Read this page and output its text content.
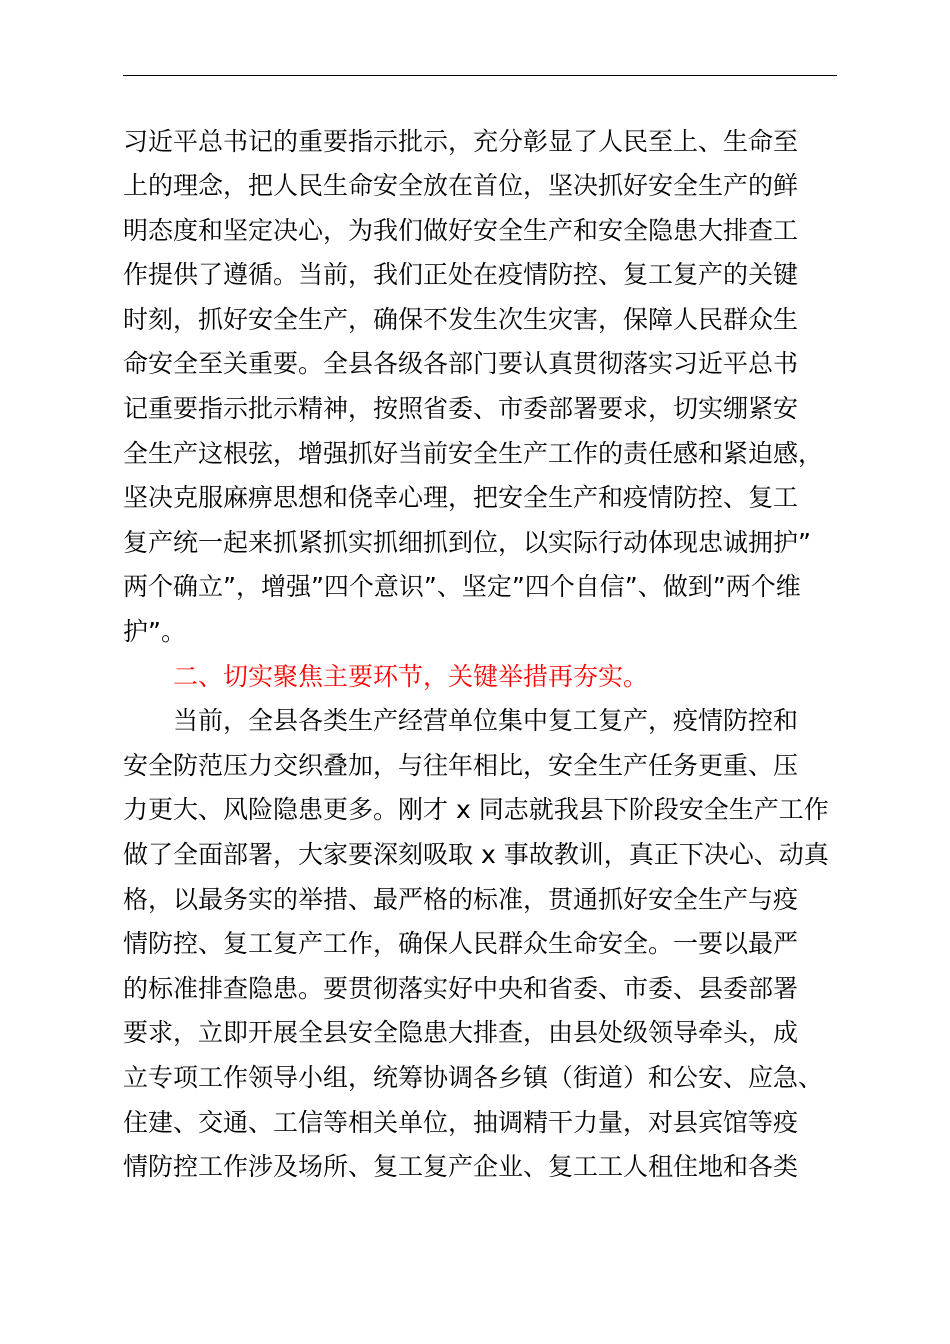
习近平总书记的重要指示批示，充分彰显了人民至上、生命至
上的理念，把人民生命安全放在首位，坚决抓好安全生产的鲜
明态度和坚定决心，为我们做好安全生产和安全隐患大排查工
作提供了遵循。当前，我们正处在疫情防控、复工复产的关键
时刻，抓好安全生产，确保不发生次生灾害，保障人民群众生
命安全至关重要。全县各级各部门要认真贯彻落实习近平总书
记重要指示批示精神，按照省委、市委部署要求，切实绷紧安
全生产这根弦，增强抓好当前安全生产工作的责任感和紧迫感，
坚决克服麻痹思想和侥幸心理，把安全生产和疫情防控、复工
复产统一起来抓紧抓实抓细抓到位，以实际行动体现忠诚拥护”
两个确立”，增强”四个意识”、坚定”四个自信”、做到”两个维
护”。
二、切实聚焦主要环节，关键举措再夯实。
当前，全县各类生产经营单位集中复工复产，疫情防控和
安全防范压力交织叠加，与往年相比，安全生产任务更重、压
力更大、风险隐患更多。刚才 x 同志就我县下阶段安全生产工作
做了全面部署，大家要深刻吸取 x 事故教训，真正下决心、动真
格，以最务实的举措、最严格的标准，贯通抓好安全生产与疫
情防控、复工复产工作，确保人民群众生命安全。一要以最严
的标准排查隐患。要贯彻落实好中央和省委、市委、县委部署
要求，立即开展全县安全隐患大排查，由县处级领导牵头，成
立专项工作领导小组，统筹协调各乡镇（街道）和公安、应急、
住建、交通、工信等相关单位，抽调精干力量，对县宾馆等疫
情防控工作涉及场所、复工复产企业、复工工人租住地和各类
